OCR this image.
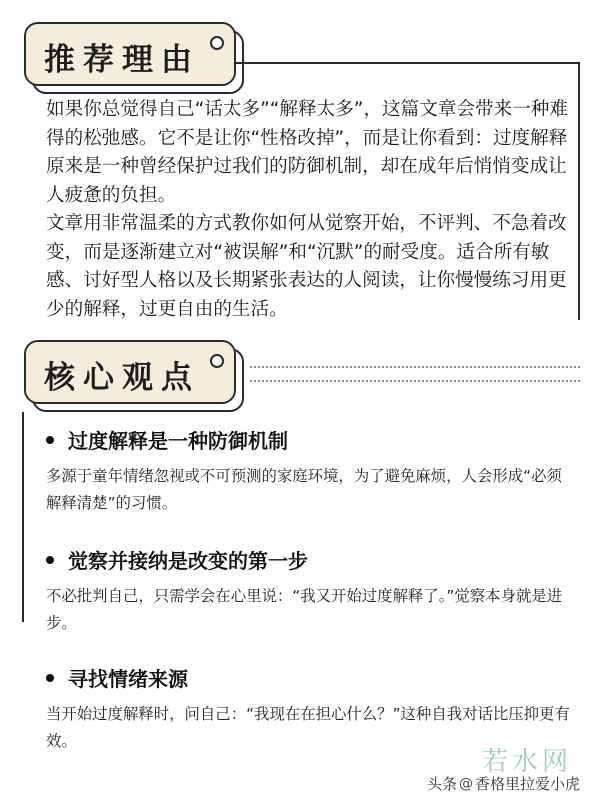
推荐理由

如果你总觉得自己“话太多”“解释太多”，这篇文章会带来一种难得的松弛感。它不是让你“性格改掉”，而是让你看到：过度解释原来是一种曾经保护过我们的防御机制，却在成年后悄悄变成让人疲惫的负担。

文章用非常温柔的方式教你如何从觉察开始，不评判、不急着改变，而是逐渐建立对“被误解”和“沉默”的耐受度。适合所有敏感、讨好型人格以及长期紧张表达的人阅读，让你慢慢练习用更少的解释，过更自由的生活。

核心观点
过度解释是一种防御机制
多源于童年情绪忽视或不可预测的家庭环境，为了避免麻烦，人会形成“必须解释清楚”的习惯。
觉察并接纳是改变的第一步
不必批判自己，只需学会在心里说：“我又开始过度解释了。”觉察本身就是进步。
寻找情绪来源
当开始过度解释时，问自己：“我现在在担心什么？”这种自我对话比压抑更有效。
头条 @ 香格里拉爱小虎
若水网
